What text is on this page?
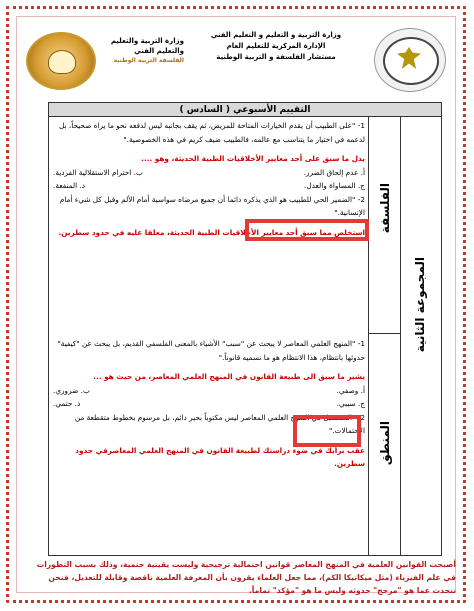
وزارة التربية والتعليم
والتعليم الفني
الفلسفة التربية الوطنية
وزارة التربية و التعليم و التعليم الفني
الإدارة المركزية للتعليم العام
مستشار الفلسفة و التربية الوطنية
التقييم الأسبوعي ( السادس )
المجموعة الثانية
الفلسفة
المنطق

1- "على الطبيب أن يقدم الخيارات المتاحة للمريض، ثم يقف بجانبه ليس لدفعه نحو ما يراه صحيحاً، بل لدعمه في اختيار ما يتناسب مع عالمه، فالطبيب ضيف كريم في هذه الخصوصية."

يدل ما سبق على أحد معايير الأخلاقيات الطبية الحديثة، وهو ....

أ. عدم إلحاق الضرر.
ب. احترام الاستقلالية الفردية.
ج. المساواة والعدل.
د. المنفعة.

2- "الضمير الحي للطبيب هو الذي يذكره دائما أن جميع مرضاه سواسية أمام الألم وقبل كل شيء أمام الإنسانية."

استخلص مما سبق أحد معايير الأخلاقيات الطبية الحديثة، معلقا عليه في حدود سطرين.

1- "المنهج العلمي المعاصر لا يبحث عن "سبب" الأشياء بالمعنى الفلسفي القديم، بل يبحث عن "كيفية" حدوثها بانتظام، هذا الانتظام هو ما نسميه قانوناً."

يشير ما سبق الى طبيعة القانون في المنهج العلمي المعاصر، من حيث هو ...

أ. وصفي.
ب. ضروري.
ج. سببي.
د. حتمي.

2- "المستقبل في المنهج العلمي المعاصر ليس مكتوباً بحبر دائم، بل مرسوم بخطوط متقطعة من الاحتمالات."

عقب برأيك في ضوء دراستك لطبيعة القانون في المنهج العلمي المعاصرفي حدود سطرين.

أصبحت القوانين العلمية في المنهج المعاصر قوانين احتمالية ترجيحية وليست يقينية حتمية، وذلك بسبب التطورات في علم الفيزياء (مثل ميكانيكا الكم)، مما جعل العلماء يقرون بأن المعرفة العلمية ناقصة وقابلة للتعديل، فنحن نتحدث عما هو "مرجح" حدوثه وليس ما هو "مؤكد" تماماً.
